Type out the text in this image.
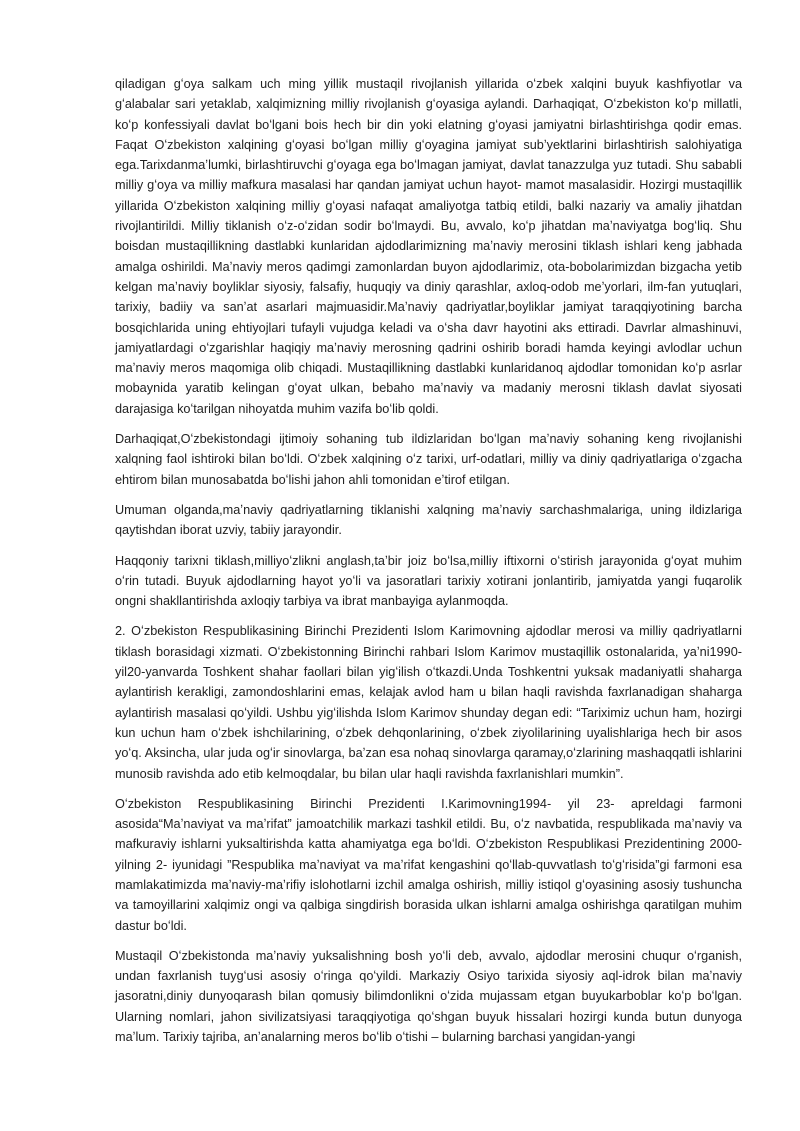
qiladigan gʻoya salkam uch ming yillik mustaqil rivojlanish yillarida oʻzbek xalqini buyuk kashfiyotlar va gʻalabalar sari yetaklab, xalqimizning milliy rivojlanish gʻoyasiga aylandi. Darhaqiqat, Oʻzbekiston koʻp millatli, koʻp konfessiyali davlat boʻlgani bois hech bir din yoki elatning gʻoyasi jamiyatni birlashtirishga qodir emas. Faqat Oʻzbekiston xalqining gʻoyasi boʻlgan milliy gʻoyagina jamiyat subʼyektlarini birlashtirish salohiyatiga ega.Tarixdanmaʼlumki, birlashtiruvchi gʻoyaga ega boʻlmagan jamiyat, davlat tanazzulga yuz tutadi. Shu sababli milliy gʻoya va milliy mafkura masalasi har qandan jamiyat uchun hayot- mamot masalasidir. Hozirgi mustaqillik yillarida Oʻzbekiston xalqining milliy gʻoyasi nafaqat amaliyotga tatbiq etildi, balki nazariy va amaliy jihatdan rivojlantirildi. Milliy tiklanish oʻz-oʻzidan sodir boʻlmaydi. Bu, avvalo, koʻp jihatdan maʼnaviyatga bogʻliq. Shu boisdan mustaqillikning dastlabki kunlaridan ajdodlarimizning maʼnaviy merosini tiklash ishlari keng jabhada amalga oshirildi. Maʼnaviy meros qadimgi zamonlardan buyon ajdodlarimiz, ota-bobolarimizdan bizgacha yetib kelgan maʼnaviy boyliklar siyosiy, falsafiy, huquqiy va diniy qarashlar, axloq-odob meʼyorlari, ilm-fan yutuqlari, tarixiy, badiiy va sanʼat asarlari majmuasidir.Maʼnaviy qadriyatlar,boyliklar jamiyat taraqqiyotining barcha bosqichlarida uning ehtiyojlari tufayli vujudga keladi va oʻsha davr hayotini aks ettiradi. Davrlar almashinuvi, jamiyatlardagi oʻzgarishlar haqiqiy maʼnaviy merosning qadrini oshirib boradi hamda keyingi avlodlar uchun maʼnaviy meros maqomiga olib chiqadi. Mustaqillikning dastlabki kunlaridanoq ajdodlar tomonidan koʻp asrlar mobaynida yaratib kelingan gʻoyat ulkan, bebaho maʼnaviy va madaniy merosni tiklash davlat siyosati darajasiga koʻtarilgan nihoyatda muhim vazifa boʻlib qoldi.

Darhaqiqat,Oʻzbekistondagi ijtimoiy sohaning tub ildizlaridan boʻlgan maʼnaviy sohaning keng rivojlanishi xalqning faol ishtiroki bilan boʻldi. Oʻzbek xalqining oʻz tarixi, urf-odatlari, milliy va diniy qadriyatlariga oʻzgacha ehtirom bilan munosabatda boʻlishi jahon ahli tomonidan eʼtirof etilgan.

Umuman olganda,maʼnaviy qadriyatlarning tiklanishi xalqning maʼnaviy sarchashmalariga, uning ildizlariga qaytishdan iborat uzviy, tabiiy jarayondir.

Haqqoniy tarixni tiklash,milliyoʻzlikni anglash,taʼbir joiz boʻlsa,milliy iftixorni oʻstirish jarayonida gʻoyat muhim oʻrin tutadi. Buyuk ajdodlarning hayot yoʻli va jasoratlari tarixiy xotirani jonlantirib, jamiyatda yangi fuqarolik ongni shakllantirishda axloqiy tarbiya va ibrat manbayiga aylanmoqda.

2. Oʻzbekiston Respublikasining Birinchi Prezidenti Islom Karimovning ajdodlar merosi va milliy qadriyatlarni tiklash borasidagi xizmati. Oʻzbekistonning Birinchi rahbari Islom Karimov mustaqillik ostonalarida, yaʼni1990-yil20-yanvarda Toshkent shahar faollari bilan yigʻilish oʻtkazdi.Unda Toshkentni yuksak madaniyatli shaharga aylantirish kerakligi, zamondoshlarini emas, kelajak avlod ham u bilan haqli ravishda faxrlanadigan shaharga aylantirish masalasi qoʻyildi. Ushbu yigʻilishda Islom Karimov shunday degan edi: “Tariximiz uchun ham, hozirgi kun uchun ham oʻzbek ishchilarining, oʻzbek dehqonlarining, oʻzbek ziyolilarining uyalishlariga hech bir asos yoʻq. Aksincha, ular juda ogʻir sinovlarga, baʼzan esa nohaq sinovlarga qaramay,oʻzlarining mashaqqatli ishlarini munosib ravishda ado etib kelmoqdalar, bu bilan ular haqli ravishda faxrlanishlari mumkin”.

Oʻzbekiston Respublikasining Birinchi Prezidenti I.Karimovning1994- yil 23- apreldagi farmoni asosida“Maʼnaviyat va maʼrifat” jamoatchilik markazi tashkil etildi. Bu, oʻz navbatida, respublikada maʼnaviy va mafkuraviy ishlarni yuksaltirishda katta ahamiyatga ega boʻldi. Oʻzbekiston Respublikasi Prezidentining 2000-yilning 2- iyunidagi ”Respublika maʼnaviyat va maʼrifat kengashini qoʻllab-quvvatlash toʻgʻrisida”gi farmoni esa mamlakatimizda maʼnaviy-maʼrifiy islohotlarni izchil amalga oshirish, milliy istiqol gʻoyasining asosiy tushuncha va tamoyillarini xalqimiz ongi va qalbiga singdirish borasida ulkan ishlarni amalga oshirishga qaratilgan muhim dastur boʻldi.

Mustaqil Oʻzbekistonda maʼnaviy yuksalishning bosh yoʻli deb, avvalo, ajdodlar merosini chuqur oʻrganish, undan faxrlanish tuygʻusi asosiy oʻringa qoʻyildi. Markaziy Osiyo tarixida siyosiy aql-idrok bilan maʼnaviy jasoratni,diniy dunyoqarash bilan qomusiy bilimdonlikni oʻzida mujassam etgan buyukarboblar koʻp boʻlgan. Ularning nomlari, jahon sivilizatsiyasi taraqqiyotiga qoʻshgan buyuk hissalari hozirgi kunda butun dunyoga maʼlum. Tarixiy tajriba, anʼanalarning meros boʻlib oʻtishi – bularning barchasi yangidan-yangi
